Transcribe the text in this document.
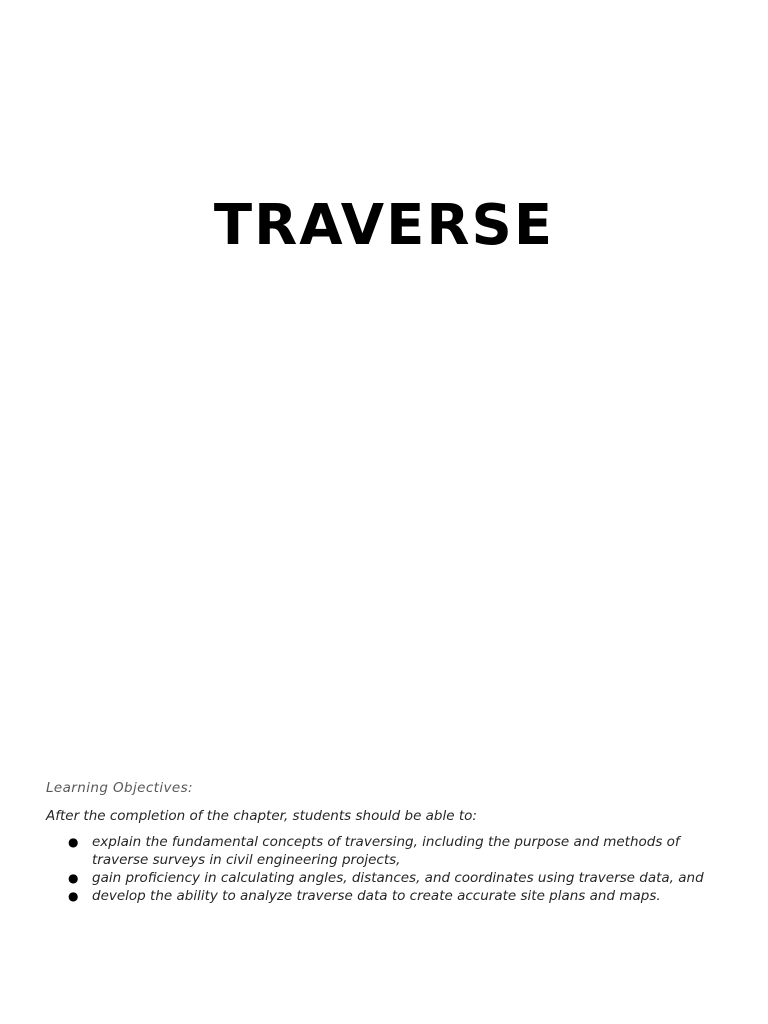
TRAVERSE

Learning Objectives:

After the completion of the chapter, students should be able to:

● explain the fundamental concepts of traversing, including the purpose and methods of traverse surveys in civil engineering projects,
● gain proficiency in calculating angles, distances, and coordinates using traverse data, and
● develop the ability to analyze traverse data to create accurate site plans and maps.
